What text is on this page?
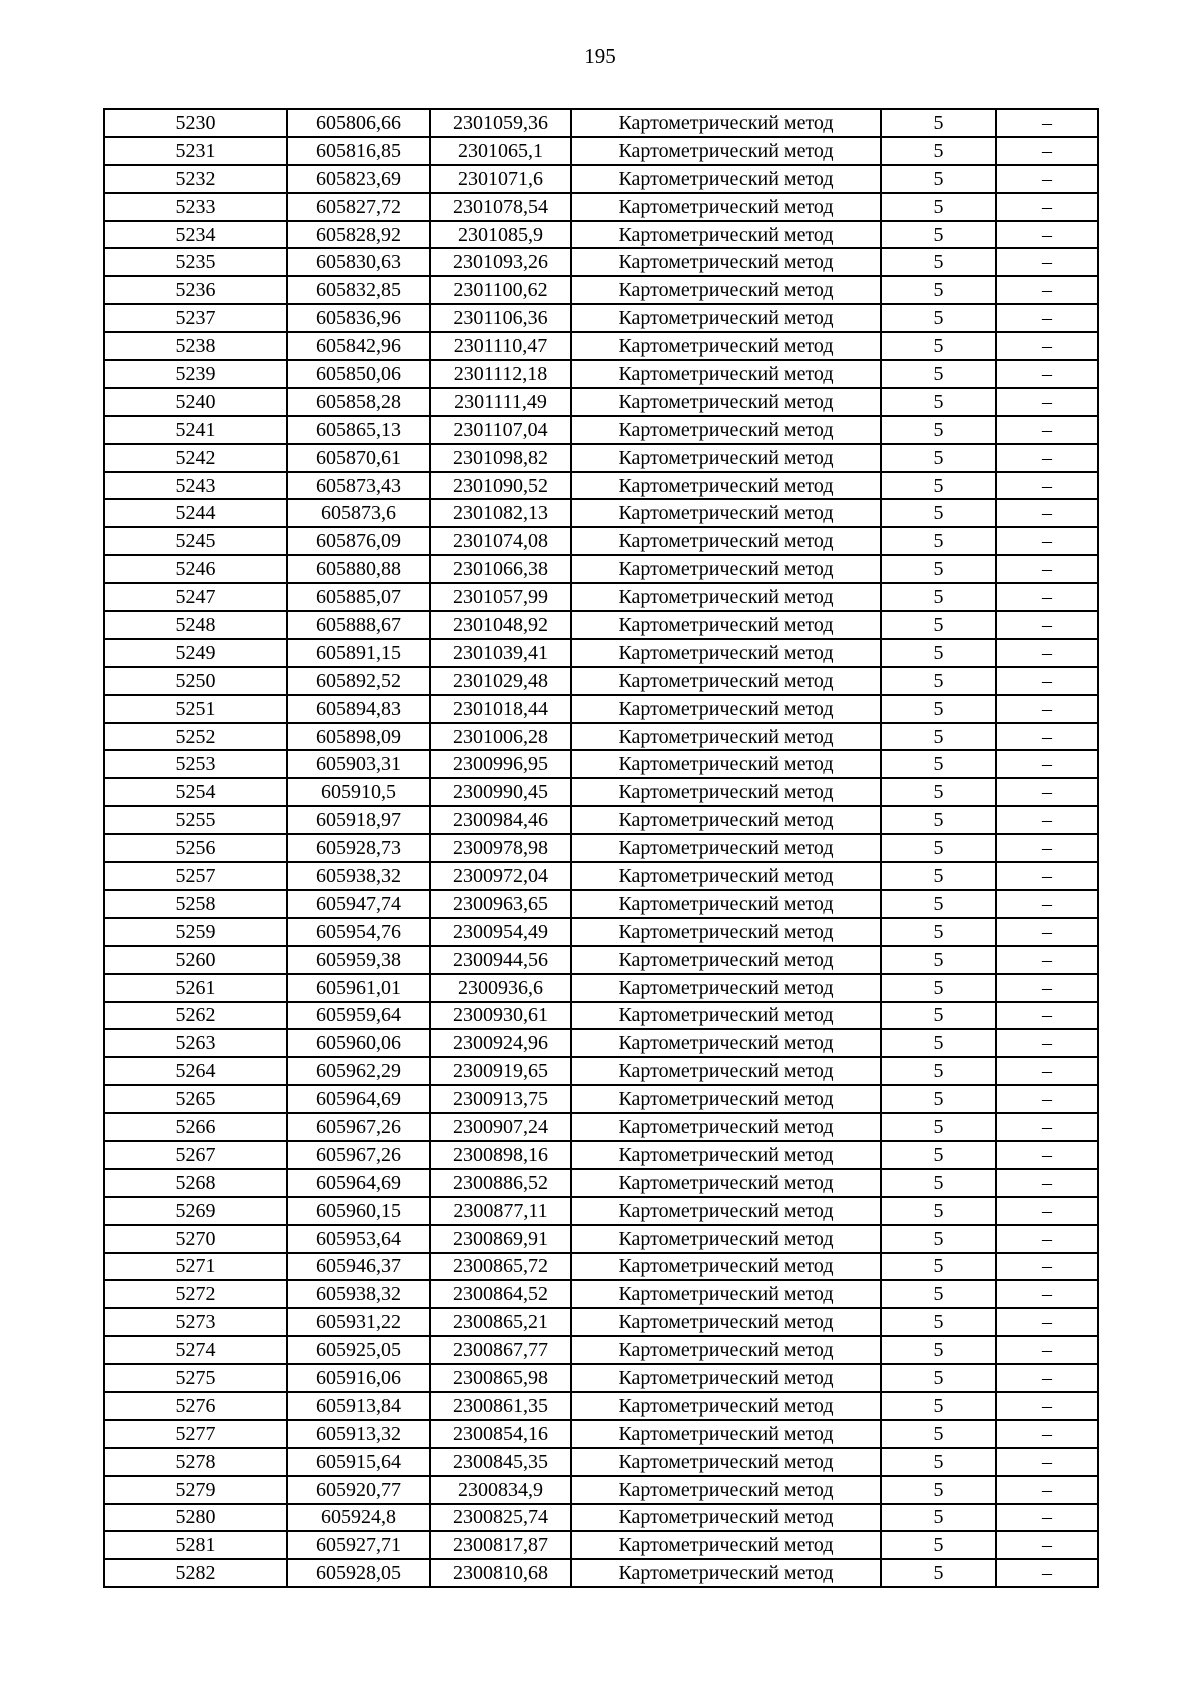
195
5230	605806,66	2301059,36	Картометрический метод	5	–
5231	605816,85	2301065,1	Картометрический метод	5	–
5232	605823,69	2301071,6	Картометрический метод	5	–
5233	605827,72	2301078,54	Картометрический метод	5	–
5234	605828,92	2301085,9	Картометрический метод	5	–
5235	605830,63	2301093,26	Картометрический метод	5	–
5236	605832,85	2301100,62	Картометрический метод	5	–
5237	605836,96	2301106,36	Картометрический метод	5	–
5238	605842,96	2301110,47	Картометрический метод	5	–
5239	605850,06	2301112,18	Картометрический метод	5	–
5240	605858,28	2301111,49	Картометрический метод	5	–
5241	605865,13	2301107,04	Картометрический метод	5	–
5242	605870,61	2301098,82	Картометрический метод	5	–
5243	605873,43	2301090,52	Картометрический метод	5	–
5244	605873,6	2301082,13	Картометрический метод	5	–
5245	605876,09	2301074,08	Картометрический метод	5	–
5246	605880,88	2301066,38	Картометрический метод	5	–
5247	605885,07	2301057,99	Картометрический метод	5	–
5248	605888,67	2301048,92	Картометрический метод	5	–
5249	605891,15	2301039,41	Картометрический метод	5	–
5250	605892,52	2301029,48	Картометрический метод	5	–
5251	605894,83	2301018,44	Картометрический метод	5	–
5252	605898,09	2301006,28	Картометрический метод	5	–
5253	605903,31	2300996,95	Картометрический метод	5	–
5254	605910,5	2300990,45	Картометрический метод	5	–
5255	605918,97	2300984,46	Картометрический метод	5	–
5256	605928,73	2300978,98	Картометрический метод	5	–
5257	605938,32	2300972,04	Картометрический метод	5	–
5258	605947,74	2300963,65	Картометрический метод	5	–
5259	605954,76	2300954,49	Картометрический метод	5	–
5260	605959,38	2300944,56	Картометрический метод	5	–
5261	605961,01	2300936,6	Картометрический метод	5	–
5262	605959,64	2300930,61	Картометрический метод	5	–
5263	605960,06	2300924,96	Картометрический метод	5	–
5264	605962,29	2300919,65	Картометрический метод	5	–
5265	605964,69	2300913,75	Картометрический метод	5	–
5266	605967,26	2300907,24	Картометрический метод	5	–
5267	605967,26	2300898,16	Картометрический метод	5	–
5268	605964,69	2300886,52	Картометрический метод	5	–
5269	605960,15	2300877,11	Картометрический метод	5	–
5270	605953,64	2300869,91	Картометрический метод	5	–
5271	605946,37	2300865,72	Картометрический метод	5	–
5272	605938,32	2300864,52	Картометрический метод	5	–
5273	605931,22	2300865,21	Картометрический метод	5	–
5274	605925,05	2300867,77	Картометрический метод	5	–
5275	605916,06	2300865,98	Картометрический метод	5	–
5276	605913,84	2300861,35	Картометрический метод	5	–
5277	605913,32	2300854,16	Картометрический метод	5	–
5278	605915,64	2300845,35	Картометрический метод	5	–
5279	605920,77	2300834,9	Картометрический метод	5	–
5280	605924,8	2300825,74	Картометрический метод	5	–
5281	605927,71	2300817,87	Картометрический метод	5	–
5282	605928,05	2300810,68	Картометрический метод	5	–
